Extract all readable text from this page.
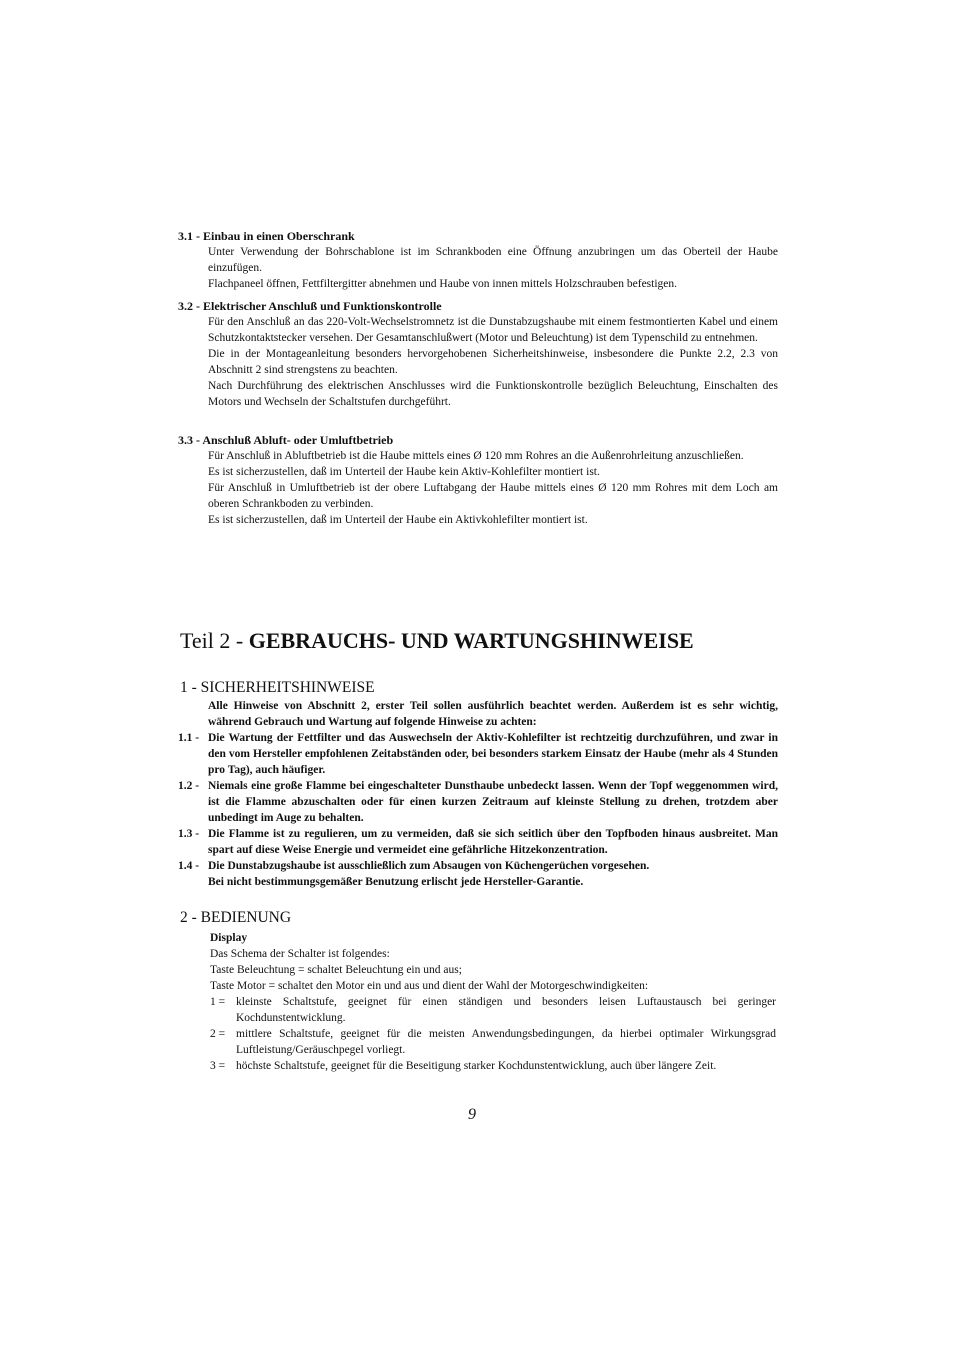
3.1 - Einbau in einen Oberschrank

Unter Verwendung der Bohrschablone ist im Schrankboden eine Öffnung anzubringen um das Oberteil der Haube einzufügen.

Flachpaneel öffnen, Fettfiltergitter abnehmen und Haube von innen mittels Holzschrauben befestigen.

3.2 - Elektrischer Anschluß und Funktionskontrolle

Für den Anschluß an das 220-Volt-Wechselstromnetz ist die Dunstabzugshaube mit einem festmontierten Kabel und einem Schutzkontaktstecker versehen. Der Gesamtanschlußwert (Motor und Beleuchtung) ist dem Typenschild zu entnehmen.

Die in der Montageanleitung besonders hervorgehobenen Sicherheitshinweise, insbesondere die Punkte 2.2, 2.3 von Abschnitt 2 sind strengstens zu beachten.

Nach Durchführung des elektrischen Anschlusses wird die Funktionskontrolle bezüglich Beleuchtung, Einschalten des Motors und Wechseln der Schaltstufen durchgeführt.

3.3 - Anschluß Abluft- oder Umluftbetrieb

Für Anschluß in Abluftbetrieb ist die Haube mittels eines Ø 120 mm Rohres an die Außenrohrleitung anzuschließen.

Es ist sicherzustellen, daß im Unterteil der Haube kein Aktiv-Kohlefilter montiert ist.

Für Anschluß in Umluftbetrieb ist der obere Luftabgang der Haube mittels eines Ø 120 mm Rohres mit dem Loch am oberen Schrankboden zu verbinden.

Es ist sicherzustellen, daß im Unterteil der Haube ein Aktivkohlefilter montiert ist.

Teil 2 - GEBRAUCHS- UND WARTUNGSHINWEISE
1 - SICHERHEITSHINWEISE

Alle Hinweise von Abschnitt 2, erster Teil sollen ausführlich beachtet werden. Außerdem ist es sehr wichtig, während Gebrauch und Wartung auf folgende Hinweise zu achten:

1.1 - Die Wartung der Fettfilter und das Auswechseln der Aktiv-Kohlefilter ist rechtzeitig durchzuführen, und zwar in den vom Hersteller empfohlenen Zeitabständen oder, bei besonders starkem Einsatz der Haube (mehr als 4 Stunden pro Tag), auch häufiger.
1.2 - Niemals eine große Flamme bei eingeschalteter Dunsthaube unbedeckt lassen. Wenn der Topf weggenommen wird, ist die Flamme abzuschalten oder für einen kurzen Zeitraum auf kleinste Stellung zu drehen, trotzdem aber unbedingt im Auge zu behalten.
1.3 - Die Flamme ist zu regulieren, um zu vermeiden, daß sie sich seitlich über den Topfboden hinaus ausbreitet. Man spart auf diese Weise Energie und vermeidet eine gefährliche Hitzekonzentration.
1.4 - Die Dunstabzugshaube ist ausschließlich zum Absaugen von Küchengerüchen vorgesehen.

Bei nicht bestimmungsgemäßer Benutzung erlischt jede Hersteller-Garantie.

2 - BEDIENUNG

Display

Das Schema der Schalter ist folgendes:

Taste Beleuchtung = schaltet Beleuchtung ein und aus;

Taste Motor = schaltet den Motor ein und aus und dient der Wahl der Motorgeschwindigkeiten:

1 = kleinste Schaltstufe, geeignet für einen ständigen und besonders leisen Luftaustausch bei geringer Kochdunstentwicklung.
2 = mittlere Schaltstufe, geeignet für die meisten Anwendungsbedingungen, da hierbei optimaler Wirkungsgrad Luftleistung/Geräuschpegel vorliegt.
3 = höchste Schaltstufe, geeignet für die Beseitigung starker Kochdunstentwicklung, auch über längere Zeit.
9
